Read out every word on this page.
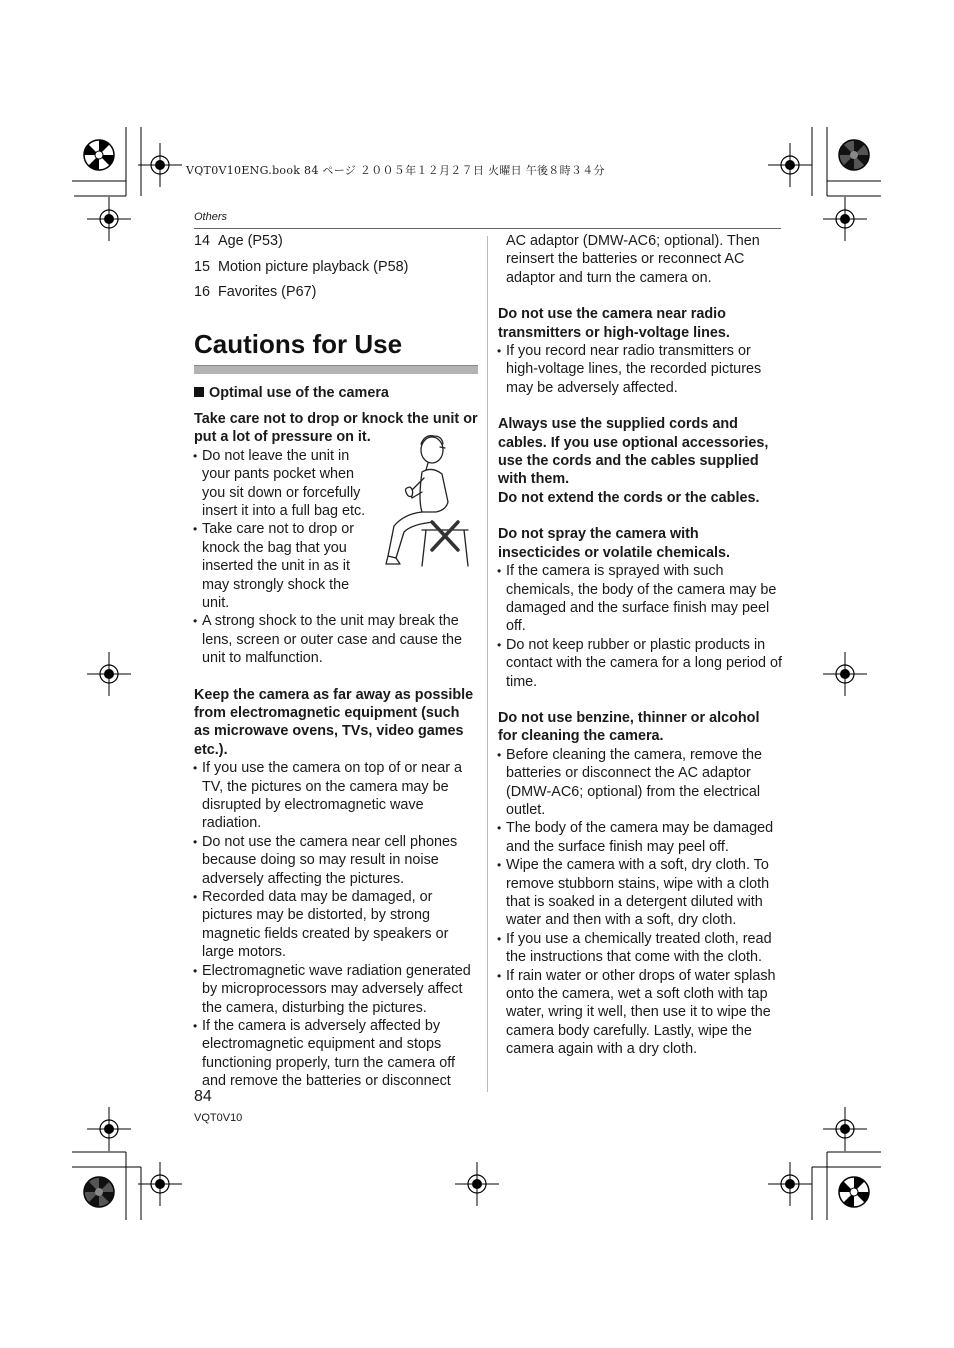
VQT0V10ENG.book 84 ページ ２００５年１２月２７日 火曜日 午後８時３４分
Others
14 Age (P53)
15 Motion picture playback (P58)
16 Favorites (P67)
Cautions for Use
Optimal use of the camera
Take care not to drop or knock the unit or put a lot of pressure on it.
• Do not leave the unit in your pants pocket when you sit down or forcefully insert it into a full bag etc.
• Take care not to drop or knock the bag that you inserted the unit in as it may strongly shock the unit.
• A strong shock to the unit may break the lens, screen or outer case and cause the unit to malfunction.
Keep the camera as far away as possible from electromagnetic equipment (such as microwave ovens, TVs, video games etc.).
• If you use the camera on top of or near a TV, the pictures on the camera may be disrupted by electromagnetic wave radiation.
• Do not use the camera near cell phones because doing so may result in noise adversely affecting the pictures.
• Recorded data may be damaged, or pictures may be distorted, by strong magnetic fields created by speakers or large motors.
• Electromagnetic wave radiation generated by microprocessors may adversely affect the camera, disturbing the pictures.
• If the camera is adversely affected by electromagnetic equipment and stops functioning properly, turn the camera off and remove the batteries or disconnect
AC adaptor (DMW-AC6; optional). Then reinsert the batteries or reconnect AC adaptor and turn the camera on.
Do not use the camera near radio transmitters or high-voltage lines.
• If you record near radio transmitters or high-voltage lines, the recorded pictures may be adversely affected.
Always use the supplied cords and cables. If you use optional accessories, use the cords and the cables supplied with them.
Do not extend the cords or the cables.
Do not spray the camera with insecticides or volatile chemicals.
• If the camera is sprayed with such chemicals, the body of the camera may be damaged and the surface finish may peel off.
• Do not keep rubber or plastic products in contact with the camera for a long period of time.
Do not use benzine, thinner or alcohol for cleaning the camera.
• Before cleaning the camera, remove the batteries or disconnect the AC adaptor (DMW-AC6; optional) from the electrical outlet.
• The body of the camera may be damaged and the surface finish may peel off.
• Wipe the camera with a soft, dry cloth. To remove stubborn stains, wipe with a cloth that is soaked in a detergent diluted with water and then with a soft, dry cloth.
• If you use a chemically treated cloth, read the instructions that come with the cloth.
• If rain water or other drops of water splash onto the camera, wet a soft cloth with tap water, wring it well, then use it to wipe the camera body carefully. Lastly, wipe the camera again with a dry cloth.
84
VQT0V10
